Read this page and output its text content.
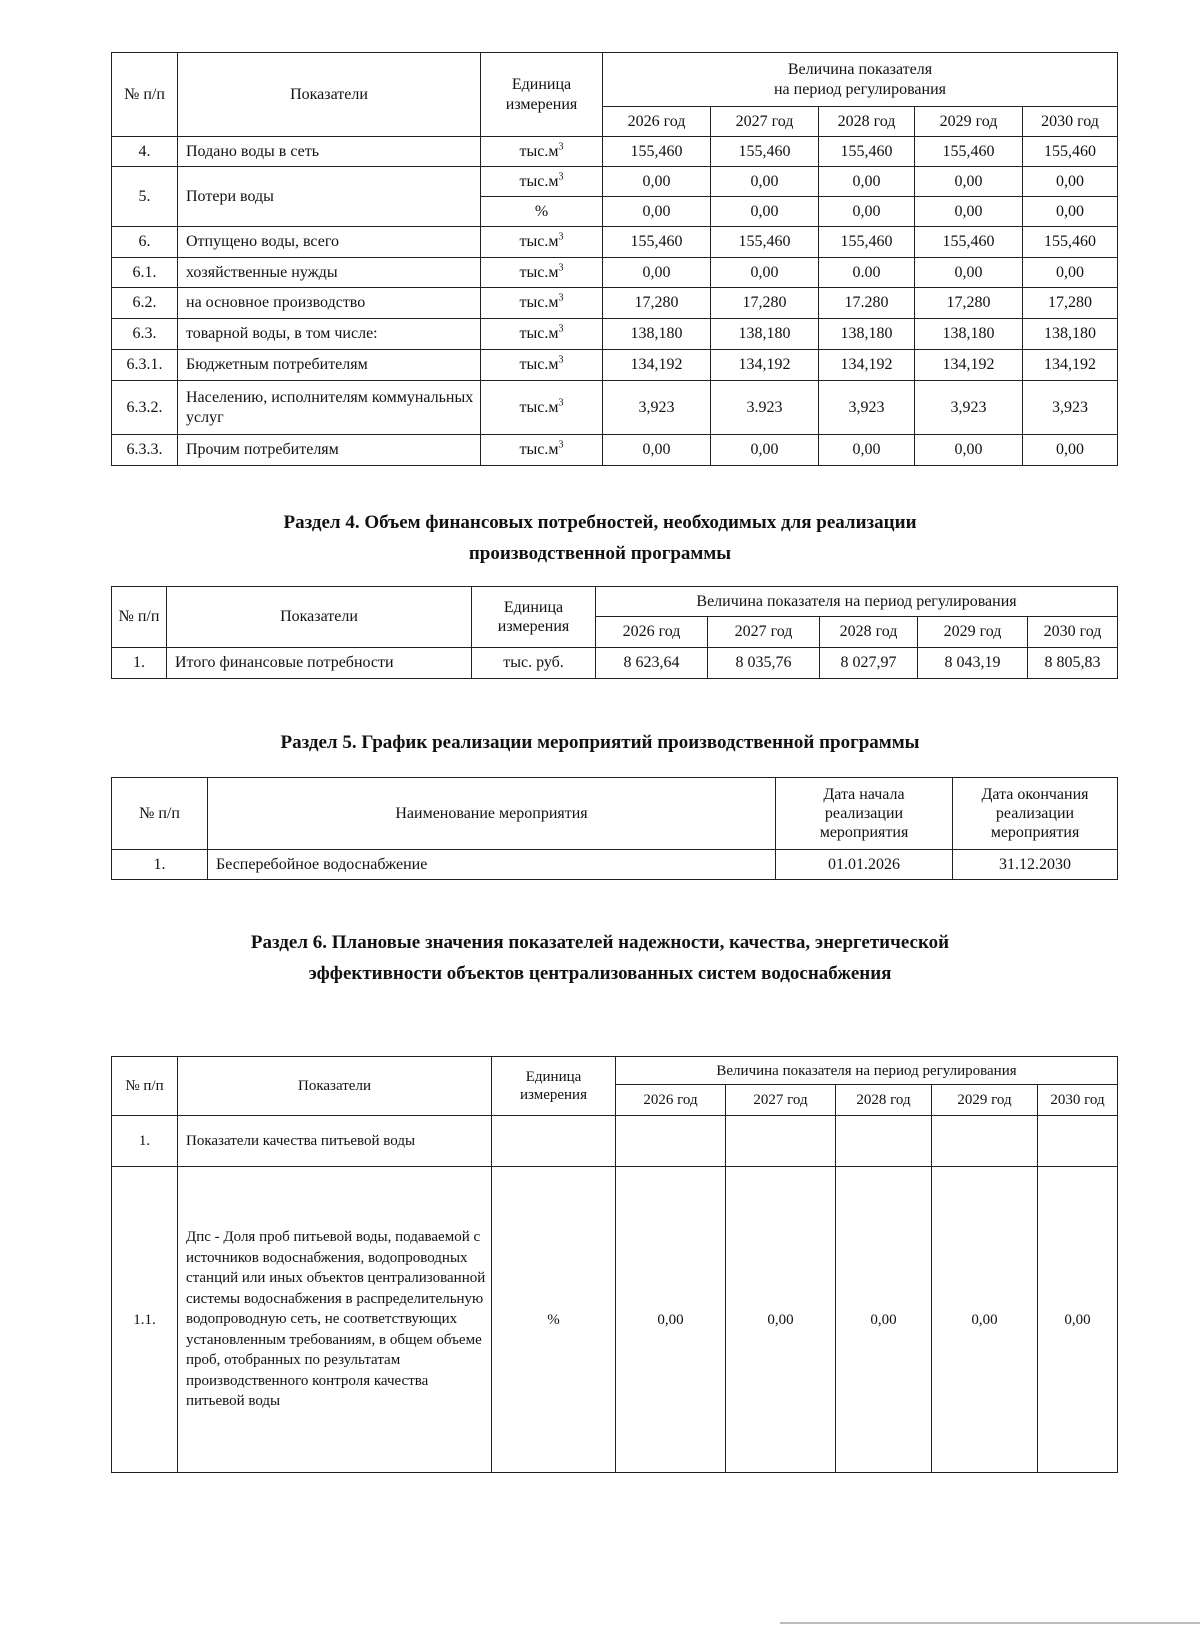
№ п/п	Показатели	Единица измерения	Величина показателя
на период регулирования				

			2026 год	2027 год	2028 год	2029 год	2030 год
4.	Подано воды в сеть	$тыс.м^3$	155,460	155,460	155,460	155,460	155,460
5.	Потери воды	$тыс.м^3$	0,00	0,00	0,00	0,00	0,00
		%	0,00	0,00	0,00	0,00	0,00
6.	Отпущено воды, всего	$тыс.м^3$	155,460	155,460	155,460	155,460	155,460
6.1.	хозяйственные нужды	$тыс.м^3$	0,00	0,00	0.00	0,00	0,00
6.2.	на основное производство	$тыс.м^3$	17,280	17,280	17.280	17,280	17,280
6.3.	товарной воды, в том числе:	$тыс.м^3$	138,180	138,180	138,180	138,180	138,180
6.3.1.	Бюджетным потребителям	$тыс.м^3$	134,192	134,192	134,192	134,192	134,192
6.3.2.	Населению, исполнителям коммунальных услуг	$тыс.м^3$	3,923	3.923	3,923	3,923	3,923
6.3.3.	Прочим потребителям	$тыс.м^3$	0,00	0,00	0,00	0,00	0,00
Раздел 4. Объем финансовых потребностей, необходимых для реализации
производственной программы
№ п/п	Показатели	Единица измерения	Величина показателя на период регулирования				
			2026 год	2027 год	2028 год	2029 год	2030 год
1.	Итого финансовые потребности	тыс. руб.	8 623,64	8 035,76	8 027,97	8 043,19	8 805,83
Раздел 5. График реализации мероприятий производственной программы
№ п/п	Наименование мероприятия	Дата начала реализации мероприятия	Дата окончания реализации мероприятия
1.	Бесперебойное водоснабжение	01.01.2026	31.12.2030
Раздел 6. Плановые значения показателей надежности, качества, энергетической
эффективности объектов централизованных систем водоснабжения
№ п/п	Показатели	Единица измерения	Величина показателя на период регулирования				
			2026 год	2027 год	2028 год	2029 год	2030 год
1.	Показатели качества питьевой воды						
1.1.	Дпс - Доля проб питьевой воды, подаваемой с источников водоснабжения, водопроводных станций или иных объектов централизованной системы водоснабжения в распределительную водопроводную сеть, не соответствующих установленным требованиям, в общем объеме проб, отобранных по результатам производственного контроля качества питьевой воды	%	0,00	0,00	0,00	0,00	0,00
